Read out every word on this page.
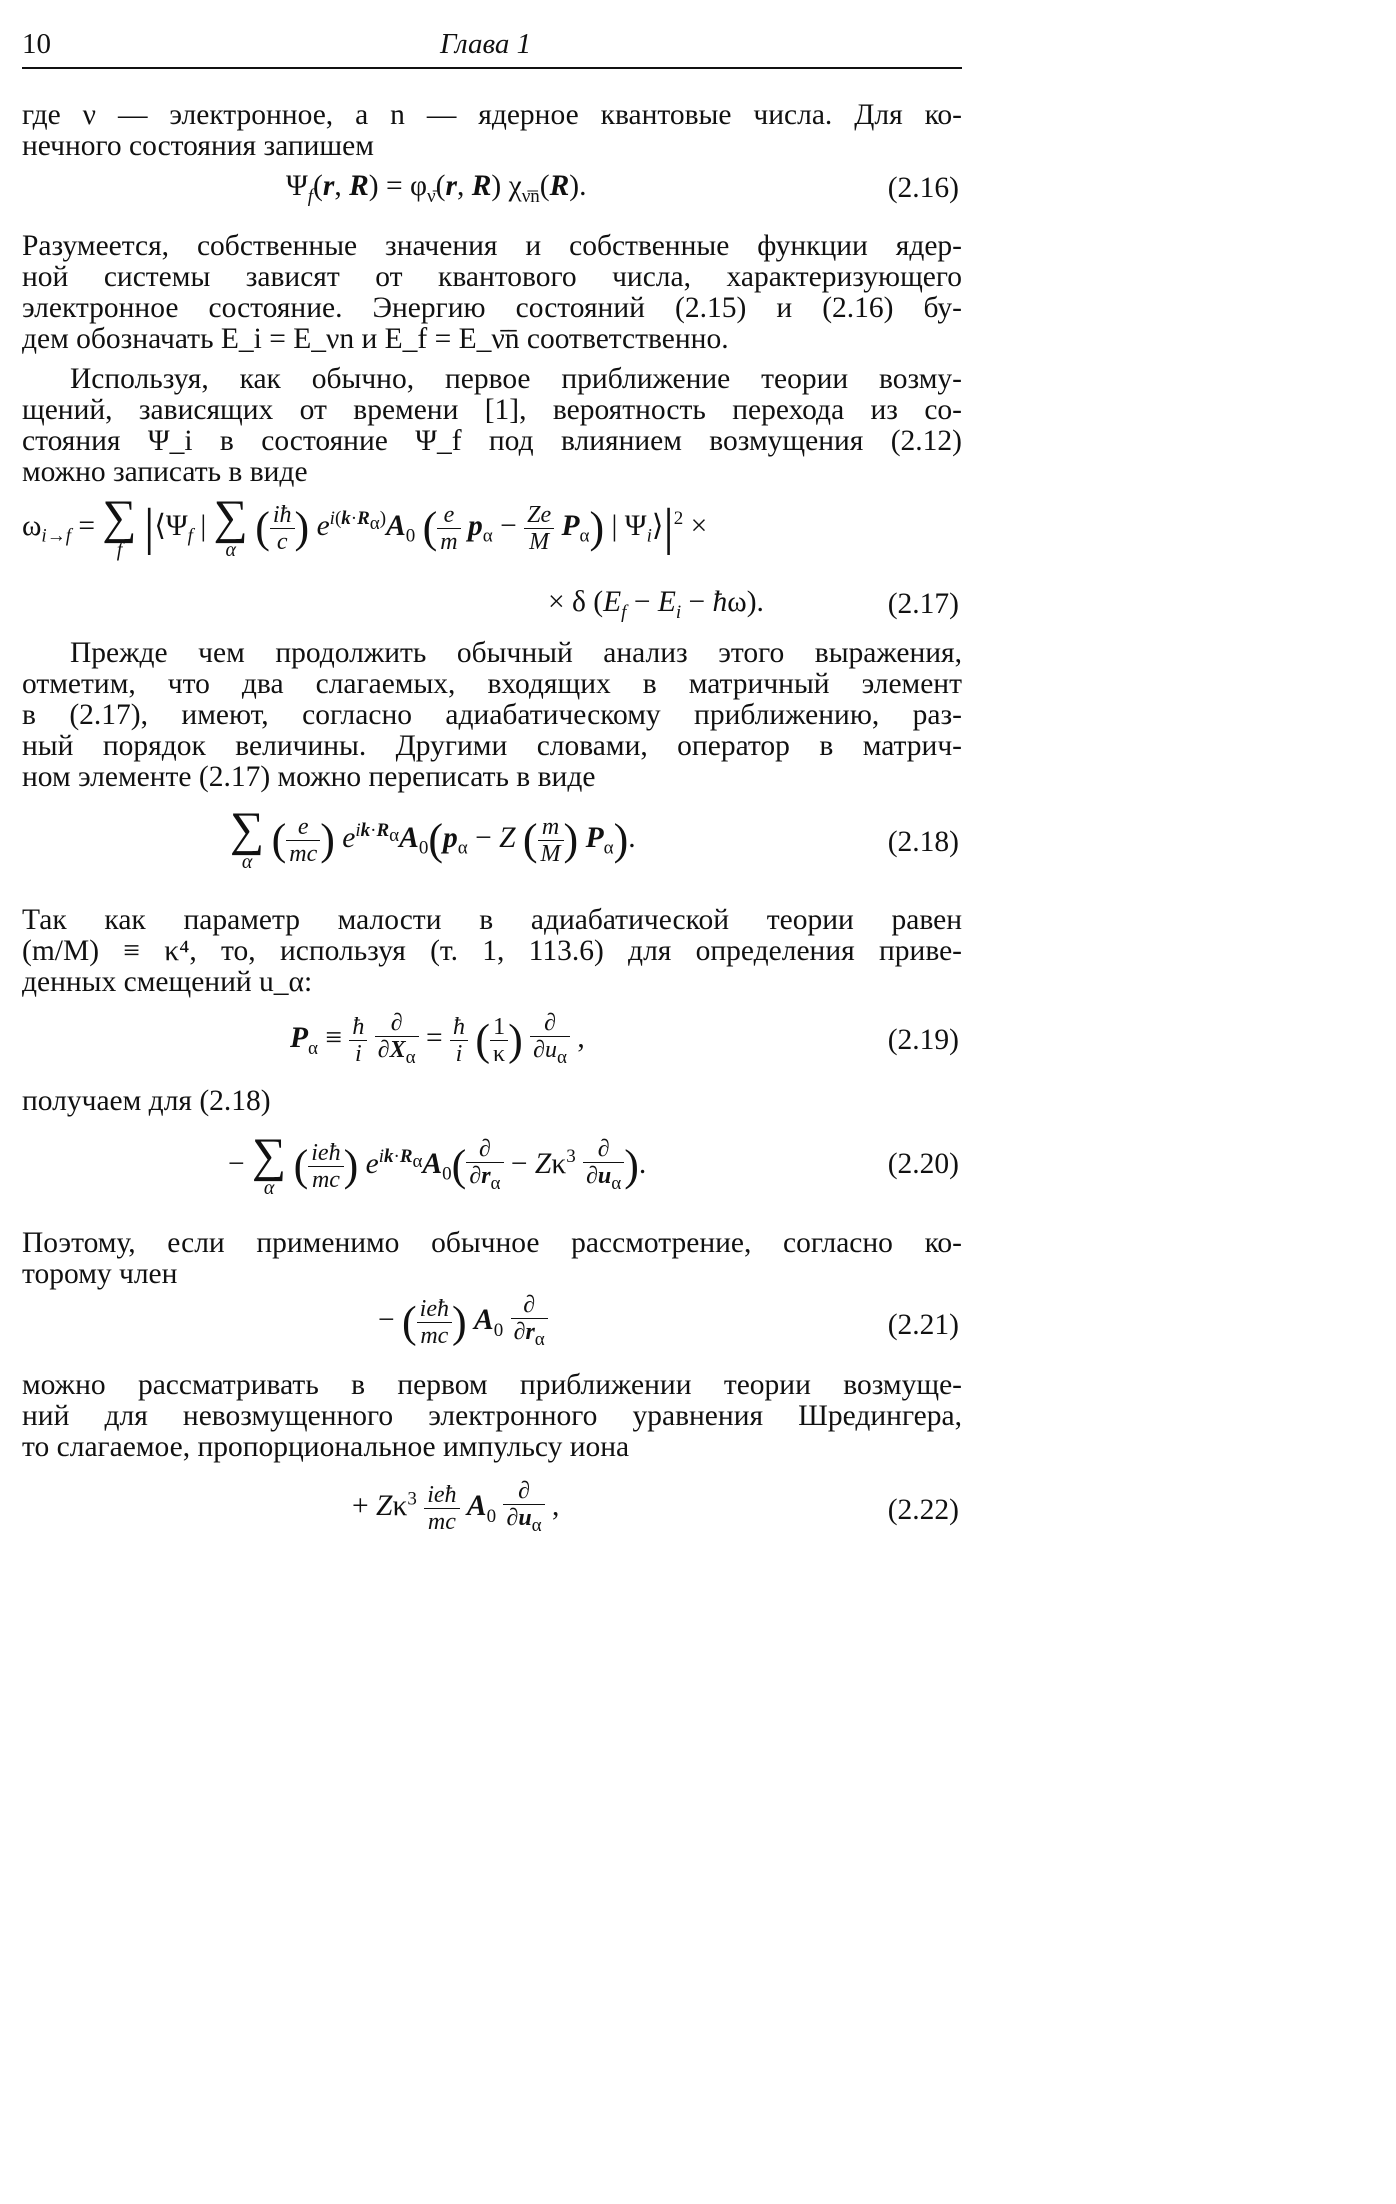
10	Глава 1
где ν — электронное, а n — ядерное квантовые числа. Для ко-
нечного состояния запишем
$\Psi_f(r$, $R) = \varphi_{\nū}(r$, R) $\chi_{\nūn̄}(R)$.	(2.16)
Разумеется, собственные значения и собственные функции ядер-
ной системы зависят от квантового числа, характеризующего
электронное состояние. Энергию состояний (2.15) и (2.16) бу-
дем обозначать E_i = E_νn и E_f = E_ν̄n̄ соответственно.
Используя, как обычно, первое приближение теории возму-
щений, зависящих от времени [1], вероятность перехода из со-
стояния Ψ_i в состояние Ψ_f под влиянием возмущения (2.12)
можно записать в виде
$\omega_{i\to f}$ = ∑
f $|⟨\Psi_f$ | ∑
α ( $\frac{iħ}{c}$ ) $e^{i(k\cdot R_\alpha)}A_0$ ( $\frac{e}{m} p_\alpha - \frac{Ze}{M} P_\alpha$) | $\Psi_i⟩|^2$ ×
× δ ($E_f - E_i$ − ħω).	(2.17)
Прежде чем продолжить обычный анализ этого выражения,
отметим, что два слагаемых, входящих в матричный элемент
в (2.17), имеют, согласно адиабатическому приближению, раз-
ный порядок величины. Другими словами, оператор в матрич-
ном элементе (2.17) можно переписать в виде
∑
α ( $\frac{e}{mc}$ ) $e^{ik\cdot R_\alpha}A_0(p_\alpha - Z$ ( $\frac{m}{M}$ ) $P_\alpha$).	(2.18)
Так как параметр малости в адиабатической теории равен
(m/M) ≡ κ⁴, то, используя (т. 1, 113.6) для определения приве-
денных смещений u_α:
$P_\alpha \equiv \frac{ħ}{i}$
$\frac{\partial}{\partial X_\alpha} = \frac{ħ}{i}$ ( $\frac{1}{\kappa}$ ) $\frac{\partial}{\partial u_\alpha}$ ,	(2.19)
получаем для (2.18)
− ∑
α ( $\frac{\text{ieħ}}{mc}$ ) $e^{ik\cdot R_\alpha}A_0( \frac{\partial}{\partial r_\alpha} - Z\kappa^3 \frac{\partial}{\partial u_\alpha}$ ).	(2.20)
Поэтому, если применимо обычное рассмотрение, согласно ко-
торому член
− ( $\frac{\text{ieħ}}{mc}$ ) $A_0 \frac{\partial}{\partial r_\alpha}$	(2.21)
можно рассматривать в первом приближении теории возмуще-
ний для невозмущенного электронного уравнения Шредингера,
то слагаемое, пропорциональное импульсу иона
+ $Z\kappa^3 \frac{\text{ieħ}}{mc} A_0 \frac{\partial}{\partial u_\alpha}$ ,	(2.22)
